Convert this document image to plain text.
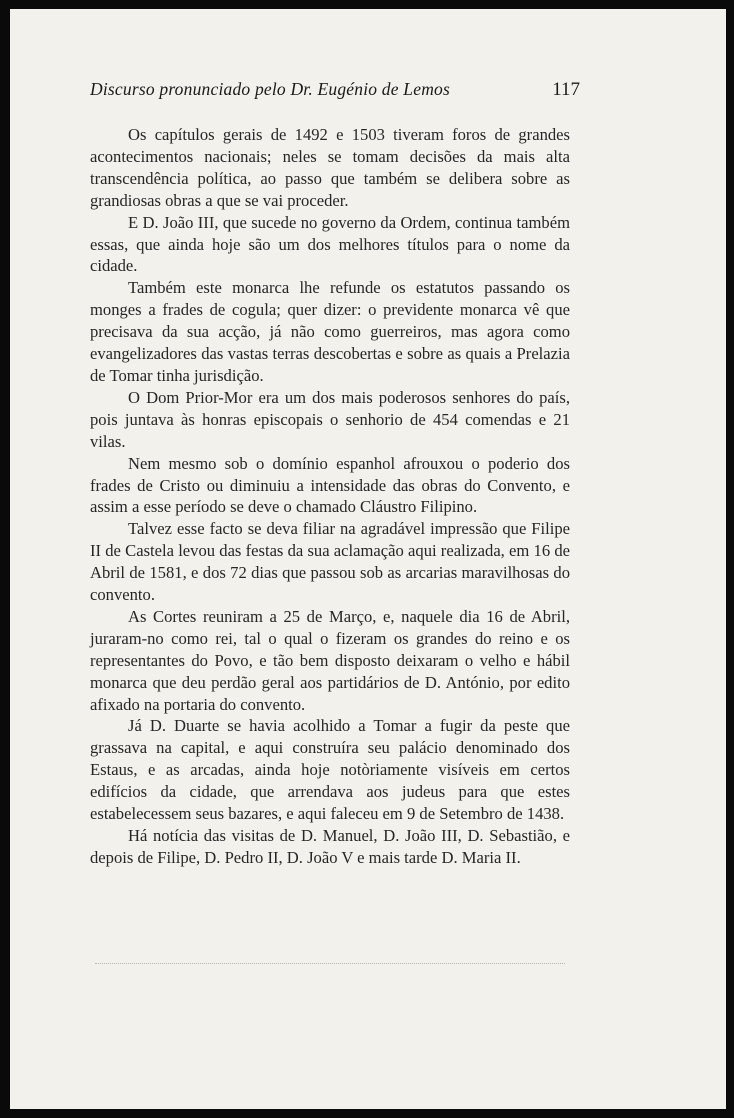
Discurso pronunciado pelo Dr. Eugénio de Lemos	117

Os capítulos gerais de 1492 e 1503 tiveram foros de grandes acontecimentos nacionais; neles se tomam decisões da mais alta transcendência política, ao passo que também se delibera sobre as grandiosas obras a que se vai proceder.

E D. João III, que sucede no governo da Ordem, continua também essas, que ainda hoje são um dos melhores títulos para o nome da cidade.

Também este monarca lhe refunde os estatutos passando os monges a frades de cogula; quer dizer: o previdente monarca vê que precisava da sua acção, já não como guerreiros, mas agora como evangelizadores das vastas terras descobertas e sobre as quais a Prelazia de Tomar tinha jurisdição.

O Dom Prior-Mor era um dos mais poderosos senhores do país, pois juntava às honras episcopais o senhorio de 454 comendas e 21 vilas.

Nem mesmo sob o domínio espanhol afrouxou o poderio dos frades de Cristo ou diminuiu a intensidade das obras do Convento, e assim a esse período se deve o chamado Cláustro Filipino.

Talvez esse facto se deva filiar na agradável impressão que Filipe II de Castela levou das festas da sua aclamação aqui realizada, em 16 de Abril de 1581, e dos 72 dias que passou sob as arcarias maravilhosas do convento.

As Cortes reuniram a 25 de Março, e, naquele dia 16 de Abril, juraram-no como rei, tal o qual o fizeram os grandes do reino e os representantes do Povo, e tão bem disposto deixaram o velho e hábil monarca que deu perdão geral aos partidários de D. António, por edito afixado na portaria do convento.

Já D. Duarte se havia acolhido a Tomar a fugir da peste que grassava na capital, e aqui construíra seu palácio denominado dos Estaus, e as arcadas, ainda hoje notòriamente visíveis em certos edifícios da cidade, que arrendava aos judeus para que estes estabelecessem seus bazares, e aqui faleceu em 9 de Setembro de 1438.

Há notícia das visitas de D. Manuel, D. João III, D. Sebastião, e depois de Filipe, D. Pedro II, D. João V e mais tarde D. Maria II.
